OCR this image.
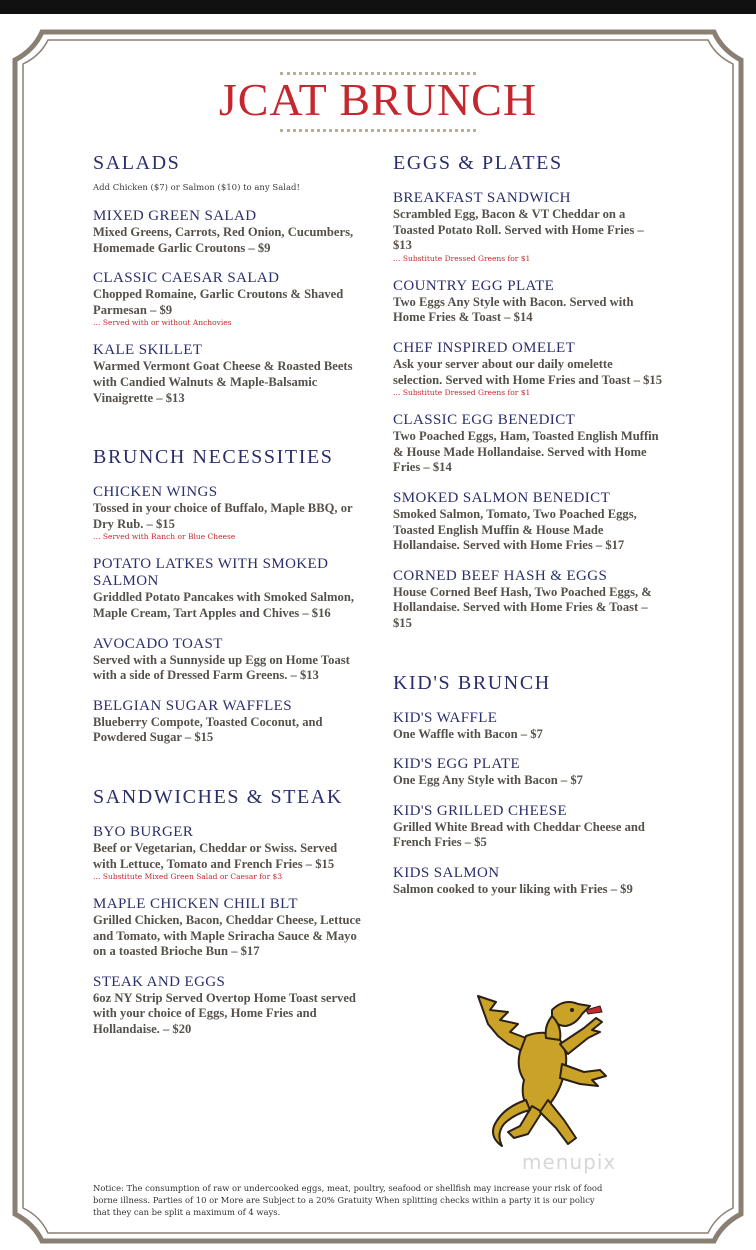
JCAT BRUNCH
SALADS
Add Chicken ($7) or Salmon ($10) to any Salad!
MIXED GREEN SALAD
Mixed Greens, Carrots, Red Onion, Cucumbers, Homemade Garlic Croutons – $9
CLASSIC CAESAR SALAD
Chopped Romaine, Garlic Croutons & Shaved Parmesan – $9
… Served with or without Anchovies
KALE SKILLET
Warmed Vermont Goat Cheese & Roasted Beets with Candied Walnuts & Maple-Balsamic Vinaigrette – $13
BRUNCH NECESSITIES
CHICKEN WINGS
Tossed in your choice of Buffalo, Maple BBQ, or Dry Rub. – $15
… Served with Ranch or Blue Cheese
POTATO LATKES WITH SMOKED SALMON
Griddled Potato Pancakes with Smoked Salmon, Maple Cream, Tart Apples and Chives – $16
AVOCADO TOAST
Served with a Sunnyside up Egg on Home Toast with a side of Dressed Farm Greens. – $13
BELGIAN SUGAR WAFFLES
Blueberry Compote, Toasted Coconut, and Powdered Sugar – $15
SANDWICHES & STEAK
BYO BURGER
Beef or Vegetarian, Cheddar or Swiss. Served with Lettuce, Tomato and French Fries – $15
… Substitute Mixed Green Salad or Caesar for $3
MAPLE CHICKEN CHILI BLT
Grilled Chicken, Bacon, Cheddar Cheese, Lettuce and Tomato, with Maple Sriracha Sauce & Mayo on a toasted Brioche Bun – $17
STEAK AND EGGS
6oz NY Strip Served Overtop Home Toast served with your choice of Eggs, Home Fries and Hollandaise. – $20
EGGS & PLATES
BREAKFAST SANDWICH
Scrambled Egg, Bacon & VT Cheddar on a Toasted Potato Roll. Served with Home Fries – $13
… Substitute Dressed Greens for $1
COUNTRY EGG PLATE
Two Eggs Any Style with Bacon. Served with Home Fries & Toast – $14
CHEF INSPIRED OMELET
Ask your server about our daily omelette selection. Served with Home Fries and Toast – $15
… Substitute Dressed Greens for $1
CLASSIC EGG BENEDICT
Two Poached Eggs, Ham, Toasted English Muffin & House Made Hollandaise. Served with Home Fries – $14
SMOKED SALMON BENEDICT
Smoked Salmon, Tomato, Two Poached Eggs, Toasted English Muffin & House Made Hollandaise. Served with Home Fries – $17
CORNED BEEF HASH & EGGS
House Corned Beef Hash, Two Poached Eggs, & Hollandaise. Served with Home Fries & Toast – $15
KID'S BRUNCH
KID'S WAFFLE
One Waffle with Bacon – $7
KID'S EGG PLATE
One Egg Any Style with Bacon – $7
KID'S GRILLED CHEESE
Grilled White Bread with Cheddar Cheese and French Fries – $5
KIDS SALMON
Salmon cooked to your liking with Fries – $9
menupix
Notice: The consumption of raw or undercooked eggs, meat, poultry, seafood or shellfish may increase your risk of food borne illness. Parties of 10 or More are Subject to a 20% Gratuity When splitting checks within a party it is our policy that they can be split a maximum of 4 ways.
